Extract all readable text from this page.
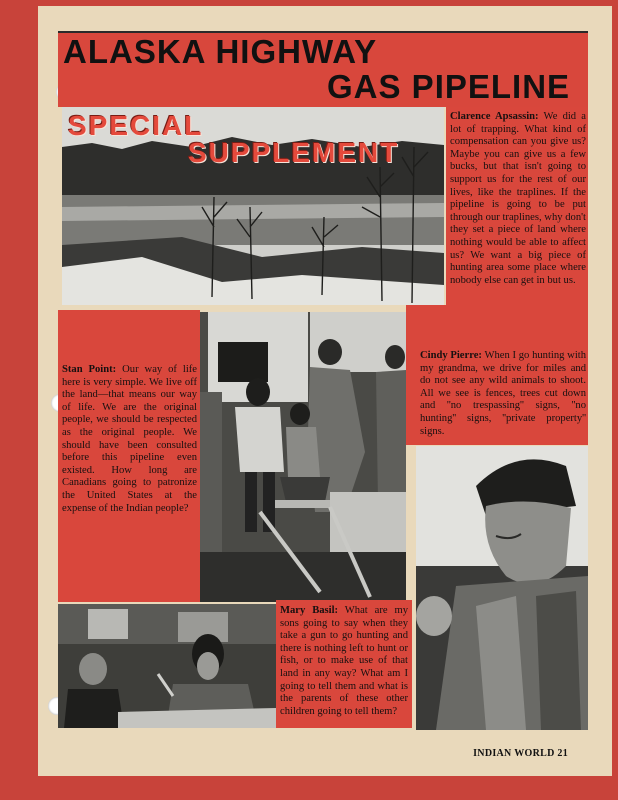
ALASKA HIGHWAY
GAS PIPELINE
SPECIAL
SUPPLEMENT
Clarence Apsassin: We did a lot of trapping. What kind of compensation can you give us? Maybe you can give us a few bucks, but that isn't going to support us for the rest of our lives, like the traplines. If the pipeline is going to be put through our traplines, why don't they set a piece of land where nothing would be able to affect us? We want a big piece of hunting area some place where nobody else can get in but us.
Stan Point: Our way of life here is very simple. We live off the land—that means our way of life. We are the original people, we should be respected as the original people. We should have been consulted before this pipeline even existed. How long are Canadians going to patronize the United States at the expense of the Indian people?
Cindy Pierre: When I go hunting with my grandma, we drive for miles and do not see any wild animals to shoot. All we see is fences, trees cut down and ''no trespassing'' signs, ''no hunting'' signs, ''private property'' signs.
Mary Basil: What are my sons going to say when they take a gun to go hunting and there is nothing left to hunt or fish, or to make use of that land in any way? What am I going to tell them and what is the parents of these other children going to tell them?
INDIAN WORLD 21
